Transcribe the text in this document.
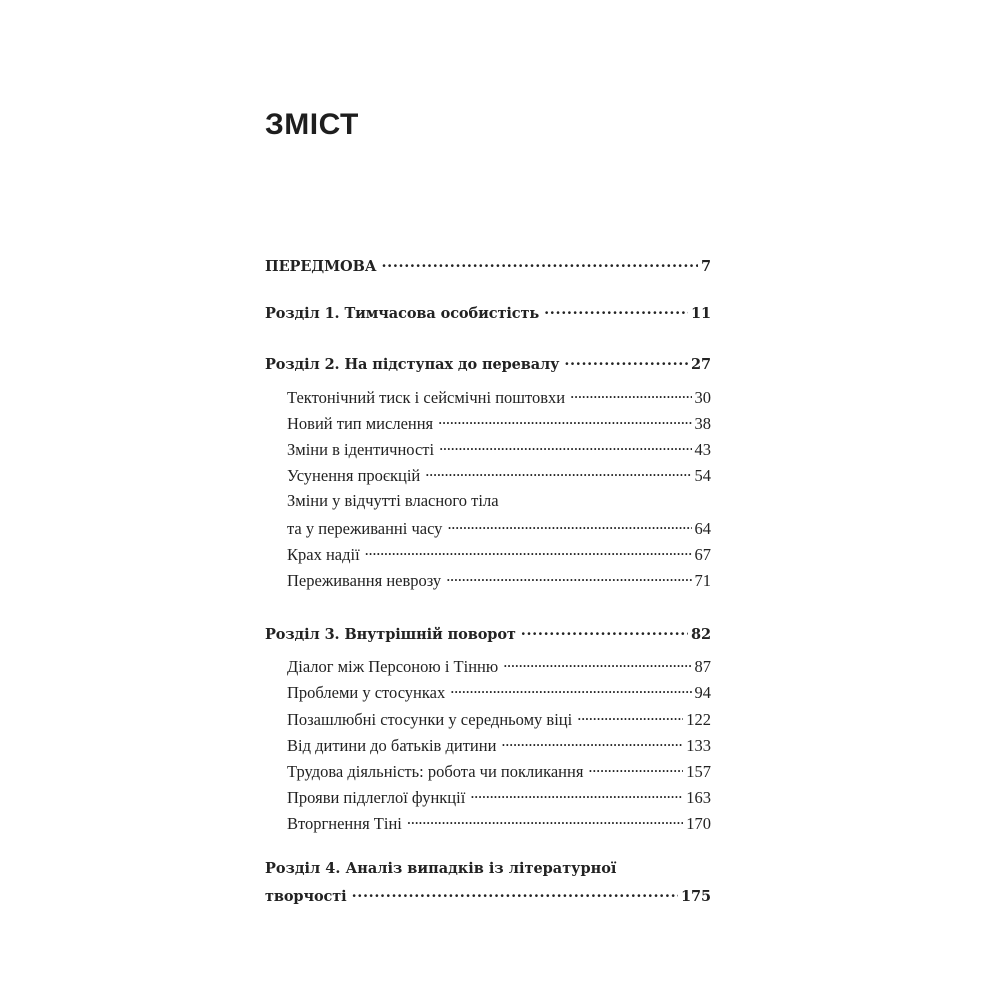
ЗМІСТ
ПЕРЕДМОВА . . .	7
Розділ 1. Тимчасова особистість . . .	11
Розділ 2. На підступах до перевалу . . .	27
Тектонічний тиск і сейсмічні поштовхи . . .	30
Новий тип мислення . . .	38
Зміни в ідентичності . . .	43
Усунення проєкцій . . .	54
Зміни у відчутті власного тіла
та у переживанні часу . . .	64
Крах надії . . .	67
Переживання неврозу . . .	71
Розділ 3. Внутрішній поворот . . .	82
Діалог між Персоною і Тінню . . .	87
Проблеми у стосунках . . .	94
Позашлюбні стосунки у середньому віці . . .	122
Від дитини до батьків дитини . . .	133
Трудова діяльність: робота чи покликання . . .	157
Прояви підлеглої функції . . .	163
Вторгнення Тіні . . .	170
Розділ 4. Аналіз випадків із літературної
творчості . . .	175
